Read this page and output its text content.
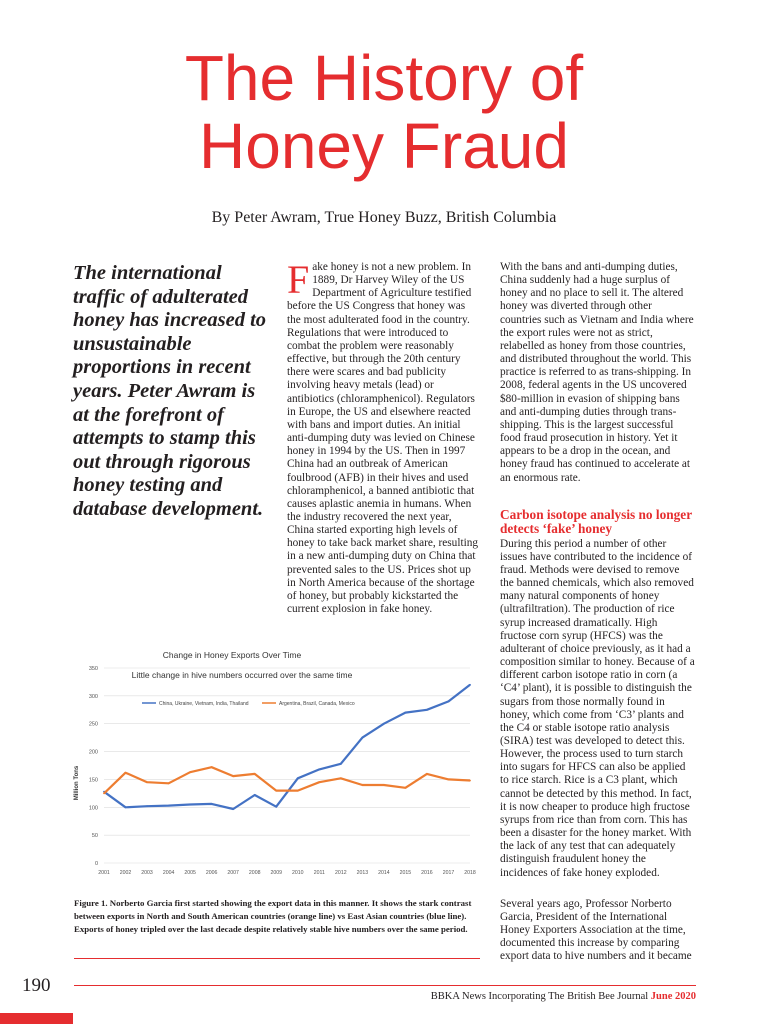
The History of
Honey Fraud
By Peter Awram, True Honey Buzz, British Columbia
The international traffic of adulterated honey has increased to unsustainable proportions in recent years. Peter Awram is at the forefront of attempts to stamp this out through rigorous honey testing and database development.

Fake honey is not a new problem. In 1889, Dr Harvey Wiley of the US Department of Agriculture testified before the US Congress that honey was the most adulterated food in the country. Regulations that were introduced to combat the problem were reasonably effective, but through the 20th century there were scares and bad publicity involving heavy metals (lead) or antibiotics (chloramphenicol). Regulators in Europe, the US and elsewhere reacted with bans and import duties. An initial anti-dumping duty was levied on Chinese honey in 1994 by the US. Then in 1997 China had an outbreak of American foulbrood (AFB) in their hives and used chloramphenicol, a banned antibiotic that causes aplastic anemia in humans. When the industry recovered the next year, China started exporting high levels of honey to take back market share, resulting in a new anti-dumping duty on China that prevented sales to the US. Prices shot up in North America because of the shortage of honey, but probably kickstarted the current explosion in fake honey.

With the bans and anti-dumping duties, China suddenly had a huge surplus of honey and no place to sell it. The altered honey was diverted through other countries such as Vietnam and India where the export rules were not as strict, relabelled as honey from those countries, and distributed throughout the world. This practice is referred to as trans-shipping. In 2008, federal agents in the US uncovered $80-million in evasion of shipping bans and anti-dumping duties through trans-shipping. This is the largest successful food fraud prosecution in history. Yet it appears to be a drop in the ocean, and honey fraud has continued to accelerate at an enormous rate.

Carbon isotope analysis no longer detects ‘fake’ honey

During this period a number of other issues have contributed to the incidence of fraud. Methods were devised to remove the banned chemicals, which also removed many natural components of honey (ultrafiltration). The production of rice syrup increased dramatically. High fructose corn syrup (HFCS) was the adulterant of choice previously, as it had a composition similar to honey. Because of a different carbon isotope ratio in corn (a ‘C4’ plant), it is possible to distinguish the sugars from those normally found in honey, which come from ‘C3’ plants and the C4 or stable isotope ratio analysis (SIRA) test was developed to detect this. However, the process used to turn starch into sugars for HFCS can also be applied to rice starch. Rice is a C3 plant, which cannot be detected by this method. In fact, it is now cheaper to produce high fructose syrups from rice than from corn. This has been a disaster for the honey market. With the lack of any test that can adequately distinguish fraudulent honey the incidences of fake honey exploded.

Several years ago, Professor Norberto Garcia, President of the International Honey Exporters Association at the time, documented this increase by comparing export data to hive numbers and it became

Change in Honey Exports Over Time
Little change in hive numbers occurred over the same time
Million Tons
0
50
100
150
200
250
300
350
2001 2002 2003 2004 2005 2006 2007 2008 2009 2010 2011 2012 2013 2014 2015 2016 2017 2018
China, Ukraine, Vietnam, India, Thailand	Argentina, Brazil, Canada, Mexico
Figure 1. Norberto Garcia first started showing the export data in this manner. It shows the stark contrast between exports in North and South American countries (orange line) vs East Asian countries (blue line). Exports of honey tripled over the last decade despite relatively stable hive numbers over the same period.
190
BBKA News Incorporating The British Bee Journal June 2020
